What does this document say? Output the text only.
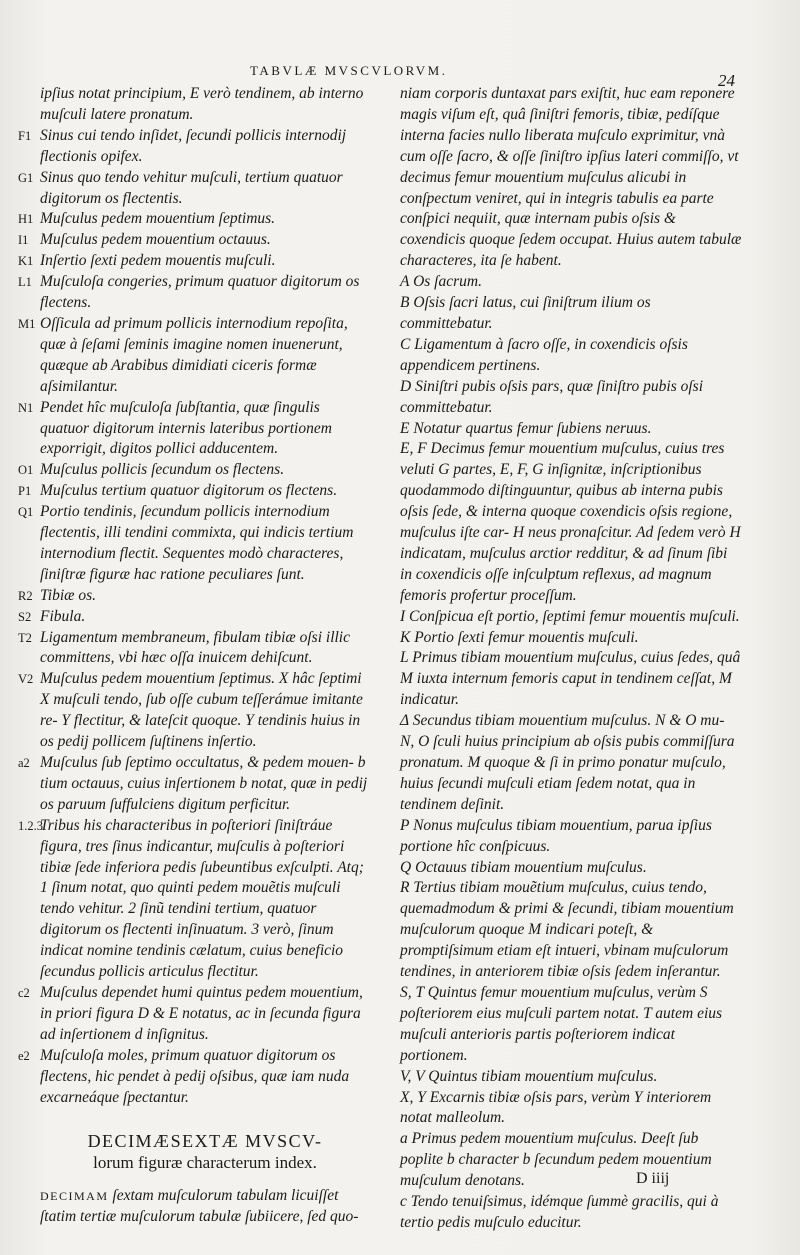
TABVLÆ MVSCVLORVM.
24
ipſius notat principium, E verò tendinem, ab interno muſculi latere pronatum.
F1 Sinus cui tendo inſidet, ſecundi pollicis internodij flectionis opifex.
G1 Sinus quo tendo vehitur muſculi, tertium quatuor digitorum os flectentis.
H1 Muſculus pedem mouentium ſeptimus.
I1 Muſculus pedem mouentium octauus.
K1 Inſertio ſexti pedem mouentis muſculi.
L1 Muſculoſa congeries, primum quatuor digitorum os flectens.
M1 Oſſicula ad primum pollicis internodium repoſita, quæ à ſeſami ſeminis imagine nomen inuenerunt, quæque ab Arabibus dimidiati ciceris formæ aſsimilantur.
N1 Pendet hîc muſculoſa ſubſtantia, quæ ſingulis quatuor digitorum internis lateribus portionem exporrigit, digitos pollici adducentem.
O1 Muſculus pollicis ſecundum os flectens.
P1 Muſculus tertium quatuor digitorum os flectens.
Q1 Portio tendinis, ſecundum pollicis internodium flectentis, illi tendini commixta, qui indicis tertium internodium flectit. Sequentes modò characteres, ſiniſtræ figuræ hac ratione peculiares ſunt.
R2 Tibiæ os.
S2 Fibula.
T2 Ligamentum membraneum, fibulam tibiæ oſsi illic committens, vbi hæc oſſa inuicem dehiſcunt.
V2 Muſculus pedem mouentium ſeptimus. X hâc ſeptimi X muſculi tendo, ſub oſſe cubum teſſerámue imitante re- Y flectitur, & lateſcit quoque. Y tendinis huius in os pedij pollicem ſuſtinens inſertio.
a2 Muſculus ſub ſeptimo occultatus, & pedem mouen- b tium octauus, cuius inſertionem b notat, quæ in pedij os paruum ſuffulciens digitum perficitur.
1.2.3
Tribus his characteribus in poſteriori ſiniſtráue figura, tres ſinus indicantur, muſculis à poſteriori tibiæ ſede inferiora pedis ſubeuntibus exſculpti. Atq; 1 ſinum notat, quo quinti pedem mouẽtis muſculi tendo vehitur. 2 ſinũ tendini tertium, quatuor digitorum os flectenti inſinuatum. 3 verò, ſinum indicat nomine tendinis cælatum, cuius beneficio ſecundus pollicis articulus flectitur.
c2 Muſculus dependet humi quintus pedem mouentium, in priori figura D & E notatus, ac in ſecunda figura ad inſertionem d inſignitus.
e2 Muſculoſa moles, primum quatuor digitorum os flectens, hic pendet à pedij oſsibus, quæ iam nuda excarneáque ſpectantur.
DECIMÆSEXTÆ MVSCV-
lorum figuræ characterum index.
DECIMAM ſextam muſculorum tabulam licuiſſet ſtatim tertiæ muſculorum tabulæ ſubiicere, ſed quo-
niam corporis duntaxat pars exiſtit, huc eam reponere magis viſum eſt, quâ ſiniſtri femoris, tibiæ, pedíſque interna facies nullo liberata muſculo exprimitur, vnà cum oſſe ſacro, & oſſe ſiniſtro ipſius lateri commiſſo, vt decimus femur mouentium muſculus alicubi in conſpectum veniret, qui in integris tabulis ea parte conſpici nequiit, quæ internam pubis oſsis & coxendicis quoque ſedem occupat. Huius autem tabulæ characteres, ita ſe habent.
A Os ſacrum.
B Oſsis ſacri latus, cui ſiniſtrum ilium os committebatur.
C Ligamentum à ſacro oſſe, in coxendicis oſsis appendicem pertinens.
D Siniſtri pubis oſsis pars, quæ ſiniſtro pubis oſsi committebatur.
E Notatur quartus femur ſubiens neruus.
E, F Decimus femur mouentium muſculus, cuius tres veluti G partes, E, F, G inſignitæ, inſcriptionibus quodammodo diſtinguuntur, quibus ab interna pubis oſsis ſede, & interna quoque coxendicis oſsis regione, muſculus iſte car- H neus pronaſcitur. Ad ſedem verò H indicatam, muſculus arctior redditur, & ad ſinum ſibi in coxendicis oſſe inſculptum reflexus, ad magnum femoris profertur proceſſum.
I Conſpicua eſt portio, ſeptimi femur mouentis muſculi.
K Portio ſexti femur mouentis muſculi.
L Primus tibiam mouentium muſculus, cuius ſedes, quâ M iuxta internum femoris caput in tendinem ceſſat, M indicatur.
Δ Secundus tibiam mouentium muſculus. N & O mu- N, O ſculi huius principium ab oſsis pubis commiſſura pronatum. M quoque & ſi in primo ponatur muſculo, huius ſecundi muſculi etiam ſedem notat, qua in tendinem deſinit.
P Nonus muſculus tibiam mouentium, parua ipſius portione hîc conſpicuus.
Q Octauus tibiam mouentium muſculus.
R Tertius tibiam mouẽtium muſculus, cuius tendo, quemadmodum & primi & ſecundi, tibiam mouentium muſculorum quoque M indicari poteſt, & promptiſsimum etiam eſt intueri, vbinam muſculorum tendines, in anteriorem tibiæ oſsis ſedem inſerantur.
S, T Quintus femur mouentium muſculus, verùm S poſteriorem eius muſculi partem notat. T autem eius muſculi anterioris partis poſteriorem indicat portionem.
V, V Quintus tibiam mouentium muſculus.
X, Y Excarnis tibiæ oſsis pars, verùm Y interiorem notat malleolum.
a Primus pedem mouentium muſculus. Deeſt ſub poplite b character b ſecundum pedem mouentium muſculum denotans.
c Tendo tenuiſsimus, idémque ſummè gracilis, qui à tertio pedis muſculo educitur.
D iiij
